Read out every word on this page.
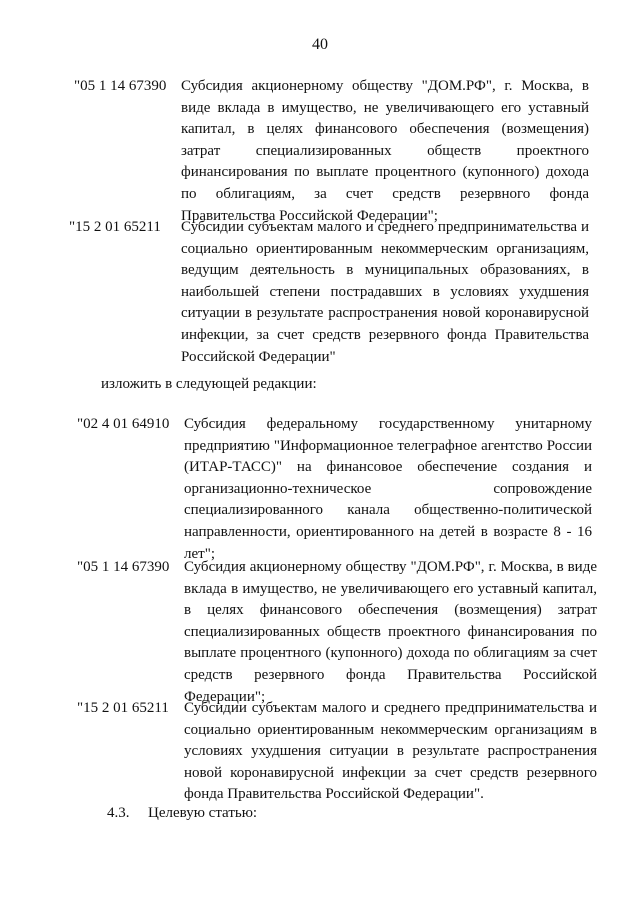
40
"05 1 14 67390 Субсидия акционерному обществу "ДОМ.РФ", г. Москва, в виде вклада в имущество, не увеличивающего его уставный капитал, в целях финансового обеспечения (возмещения) затрат специализированных обществ проектного финансирования по выплате процентного (купонного) дохода по облигациям, за счет средств резервного фонда Правительства Российской Федерации";
"15 2 01 65211 Субсидии субъектам малого и среднего предпринимательства и социально ориентированным некоммерческим организациям, ведущим деятельность в муниципальных образованиях, в наибольшей степени пострадавших в условиях ухудшения ситуации в результате распространения новой коронавирусной инфекции, за счет средств резервного фонда Правительства Российской Федерации"
изложить в следующей редакции:
"02 4 01 64910 Субсидия федеральному государственному унитарному предприятию "Информационное телеграфное агентство России (ИТАР-ТАСС)" на финансовое обеспечение создания и организационно-техническое сопровождение специализированного канала общественно-политической направленности, ориентированного на детей в возрасте 8 - 16 лет";
"05 1 14 67390 Субсидия акционерному обществу "ДОМ.РФ", г. Москва, в виде вклада в имущество, не увеличивающего его уставный капитал, в целях финансового обеспечения (возмещения) затрат специализированных обществ проектного финансирования по выплате процентного (купонного) дохода по облигациям за счет средств резервного фонда Правительства Российской Федерации";
"15 2 01 65211 Субсидии субъектам малого и среднего предпринимательства и социально ориентированным некоммерческим организациям в условиях ухудшения ситуации в результате распространения новой коронавирусной инфекции за счет средств резервного фонда Правительства Российской Федерации".
4.3. Целевую статью:
